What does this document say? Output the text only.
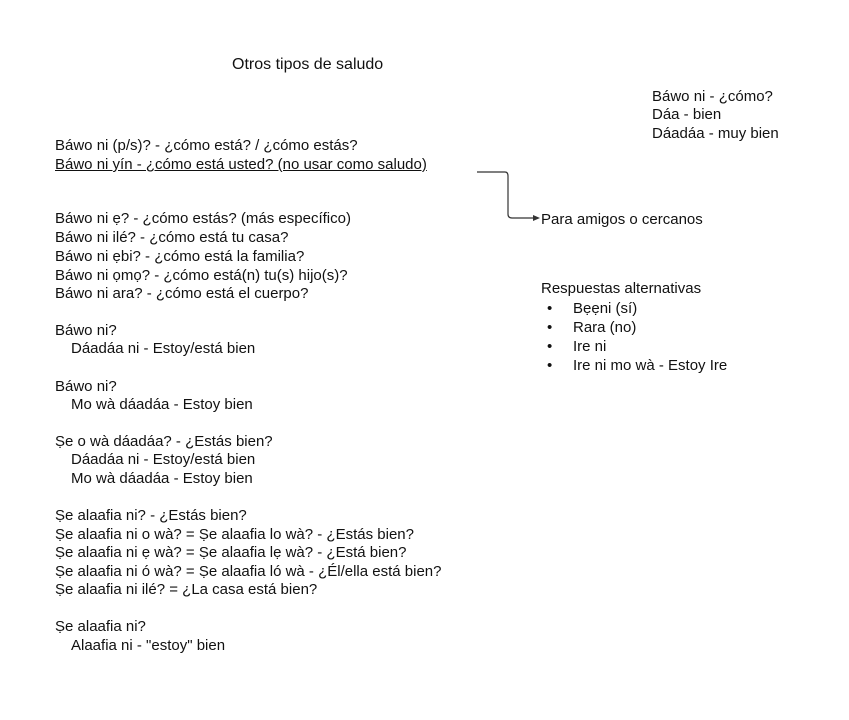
Otros tipos de saludo
Báwo ni - ¿cómo?
Dáa - bien
Dáadáa - muy bien
Báwo ni (p/s)? - ¿cómo está? / ¿cómo estás?
Báwo ni yín - ¿cómo está usted? (no usar como saludo)
Báwo ni ẹ? - ¿cómo estás? (más específico)
Báwo ni ilé? - ¿cómo está tu casa?
Báwo ni ẹbi? - ¿cómo está la familia?
Báwo ni ọmọ? - ¿cómo está(n) tu(s) hijo(s)?
Báwo ni ara? - ¿cómo está el cuerpo?
Báwo ni?
Dáadáa ni - Estoy/está bien
Báwo ni?
Mo wà dáadáa - Estoy bien
Ṣe o wà dáadáa? - ¿Estás bien?
Dáadáa ni - Estoy/está bien
Mo wà dáadáa - Estoy bien
Ṣe alaafia ni? - ¿Estás bien?
Ṣe alaafia ni o wà? = Ṣe alaafia lo wà? - ¿Estás bien?
Ṣe alaafia ni ẹ wà? = Ṣe alaafia lẹ wà? - ¿Está bien?
Ṣe alaafia ni ó wà? = Ṣe alaafia ló wà - ¿Él/ella está bien?
Ṣe alaafia ni ilé? = ¿La casa está bien?
Ṣe alaafia ni?
Alaafia ni - "estoy" bien
Para amigos o cercanos
Respuestas alternativas
• Bẹẹni (sí)
• Rara (no)
• Ire ni
• Ire ni mo wà - Estoy Ire
